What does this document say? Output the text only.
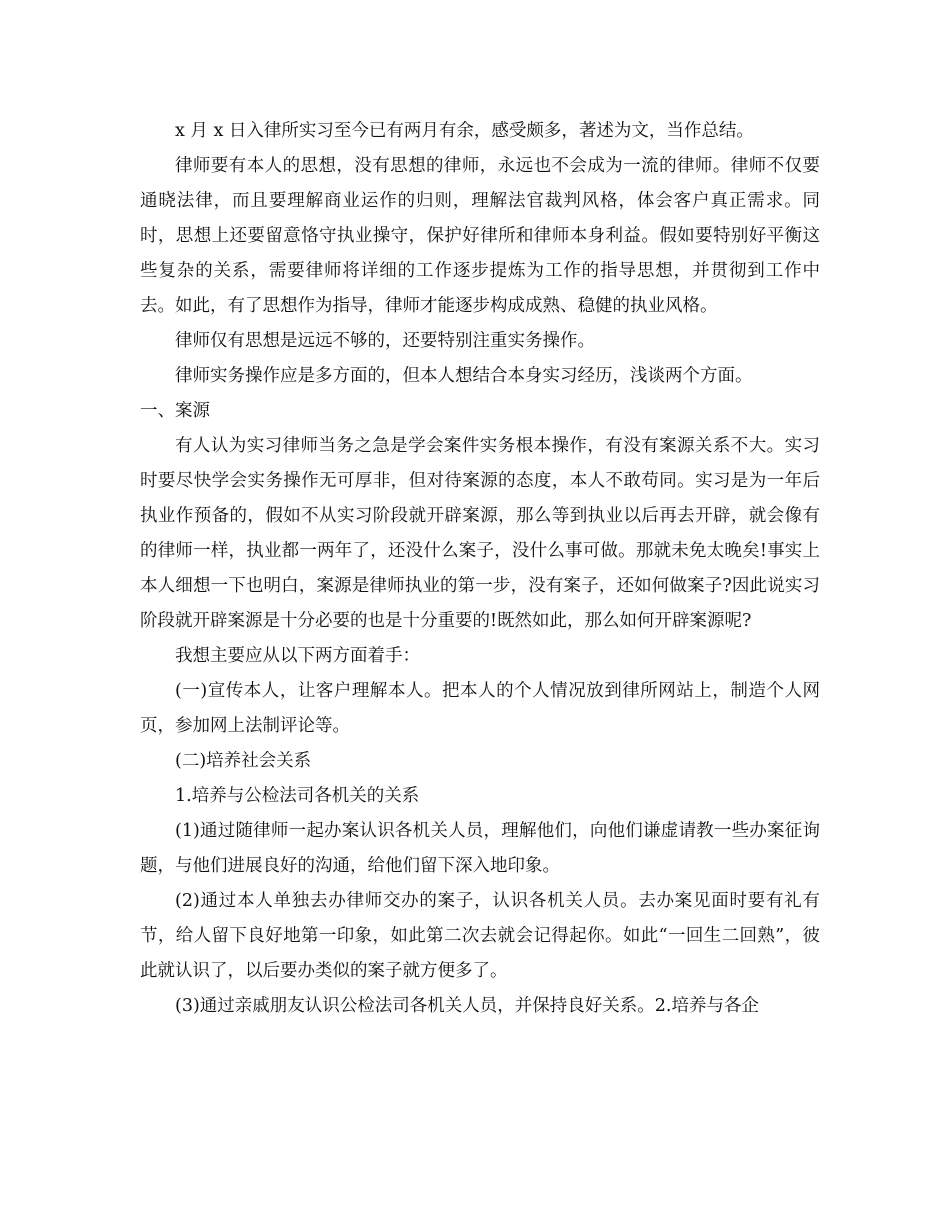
x 月 x 日入律所实习至今已有两月有余，感受颇多，著述为文，当作总结。

律师要有本人的思想，没有思想的律师，永远也不会成为一流的律师。律师不仅要通晓法律，而且要理解商业运作的归则，理解法官裁判风格，体会客户真正需求。同时，思想上还要留意恪守执业操守，保护好律所和律师本身利益。假如要特别好平衡这些复杂的关系，需要律师将详细的工作逐步提炼为工作的指导思想，并贯彻到工作中去。如此，有了思想作为指导，律师才能逐步构成成熟、稳健的执业风格。

律师仅有思想是远远不够的，还要特别注重实务操作。

律师实务操作应是多方面的，但本人想结合本身实习经历，浅谈两个方面。

一、案源

有人认为实习律师当务之急是学会案件实务根本操作，有没有案源关系不大。实习时要尽快学会实务操作无可厚非，但对待案源的态度，本人不敢苟同。实习是为一年后执业作预备的，假如不从实习阶段就开辟案源，那么等到执业以后再去开辟，就会像有的律师一样，执业都一两年了，还没什么案子，没什么事可做。那就未免太晚矣!事实上本人细想一下也明白，案源是律师执业的第一步，没有案子，还如何做案子?因此说实习阶段就开辟案源是十分必要的也是十分重要的!既然如此，那么如何开辟案源呢?

我想主要应从以下两方面着手：

(一)宣传本人，让客户理解本人。把本人的个人情况放到律所网站上，制造个人网页，参加网上法制评论等。

(二)培养社会关系

1.培养与公检法司各机关的关系

(1)通过随律师一起办案认识各机关人员，理解他们，向他们谦虚请教一些办案征询题，与他们进展良好的沟通，给他们留下深入地印象。

(2)通过本人单独去办律师交办的案子，认识各机关人员。去办案见面时要有礼有节，给人留下良好地第一印象，如此第二次去就会记得起你。如此“一回生二回熟”，彼此就认识了，以后要办类似的案子就方便多了。

(3)通过亲戚朋友认识公检法司各机关人员，并保持良好关系。2.培养与各企
